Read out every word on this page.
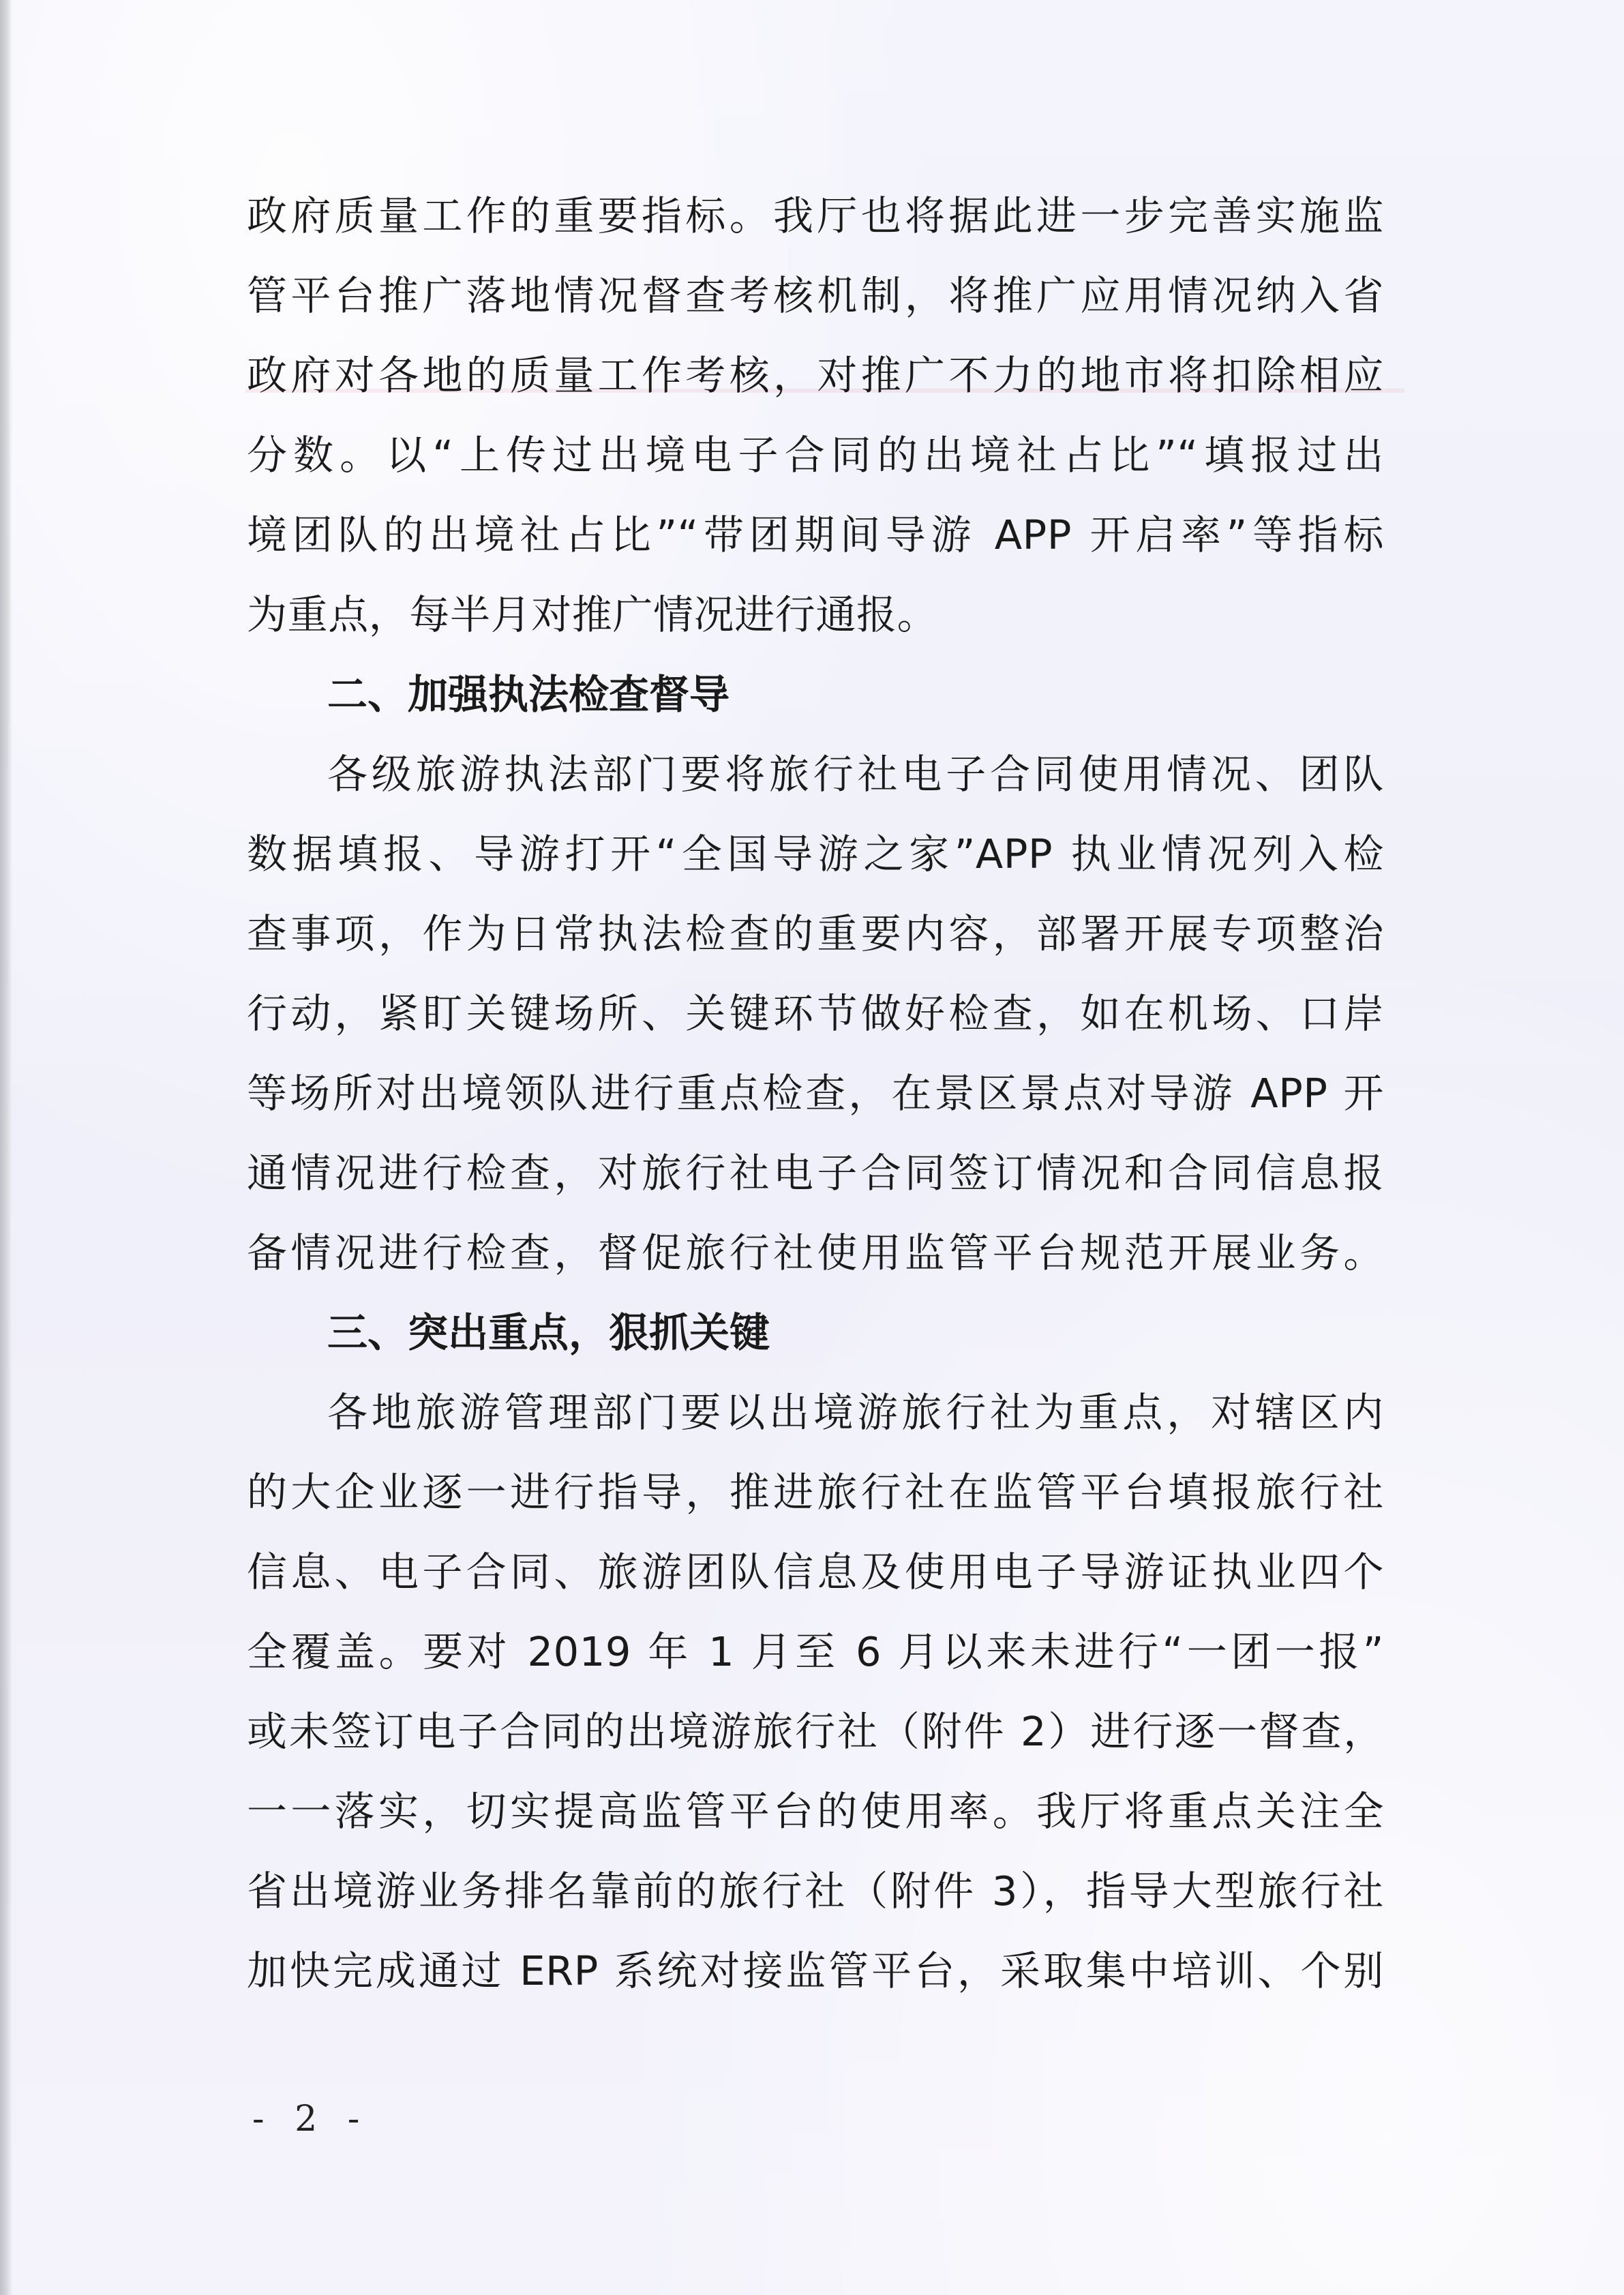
政府质量工作的重要指标。我厅也将据此进一步完善实施监
管平台推广落地情况督查考核机制，将推广应用情况纳入省
政府对各地的质量工作考核，对推广不力的地市将扣除相应
分数。以“上传过出境电子合同的出境社占比”“填报过出
境团队的出境社占比”“带团期间导游 APP 开启率”等指标
为重点，每半月对推广情况进行通报。
二、加强执法检查督导
各级旅游执法部门要将旅行社电子合同使用情况、团队
数据填报、导游打开“全国导游之家”APP 执业情况列入检
查事项，作为日常执法检查的重要内容，部署开展专项整治
行动，紧盯关键场所、关键环节做好检查，如在机场、口岸
等场所对出境领队进行重点检查，在景区景点对导游 APP 开
通情况进行检查，对旅行社电子合同签订情况和合同信息报
备情况进行检查，督促旅行社使用监管平台规范开展业务。
三、突出重点，狠抓关键
各地旅游管理部门要以出境游旅行社为重点，对辖区内
的大企业逐一进行指导，推进旅行社在监管平台填报旅行社
信息、电子合同、旅游团队信息及使用电子导游证执业四个
全覆盖。要对 2019 年 1 月至 6 月以来未进行“一团一报”
或未签订电子合同的出境游旅行社（附件 2）进行逐一督查，
一一落实，切实提高监管平台的使用率。我厅将重点关注全
省出境游业务排名靠前的旅行社（附件 3），指导大型旅行社
加快完成通过 ERP 系统对接监管平台，采取集中培训、个别
- 2 -
